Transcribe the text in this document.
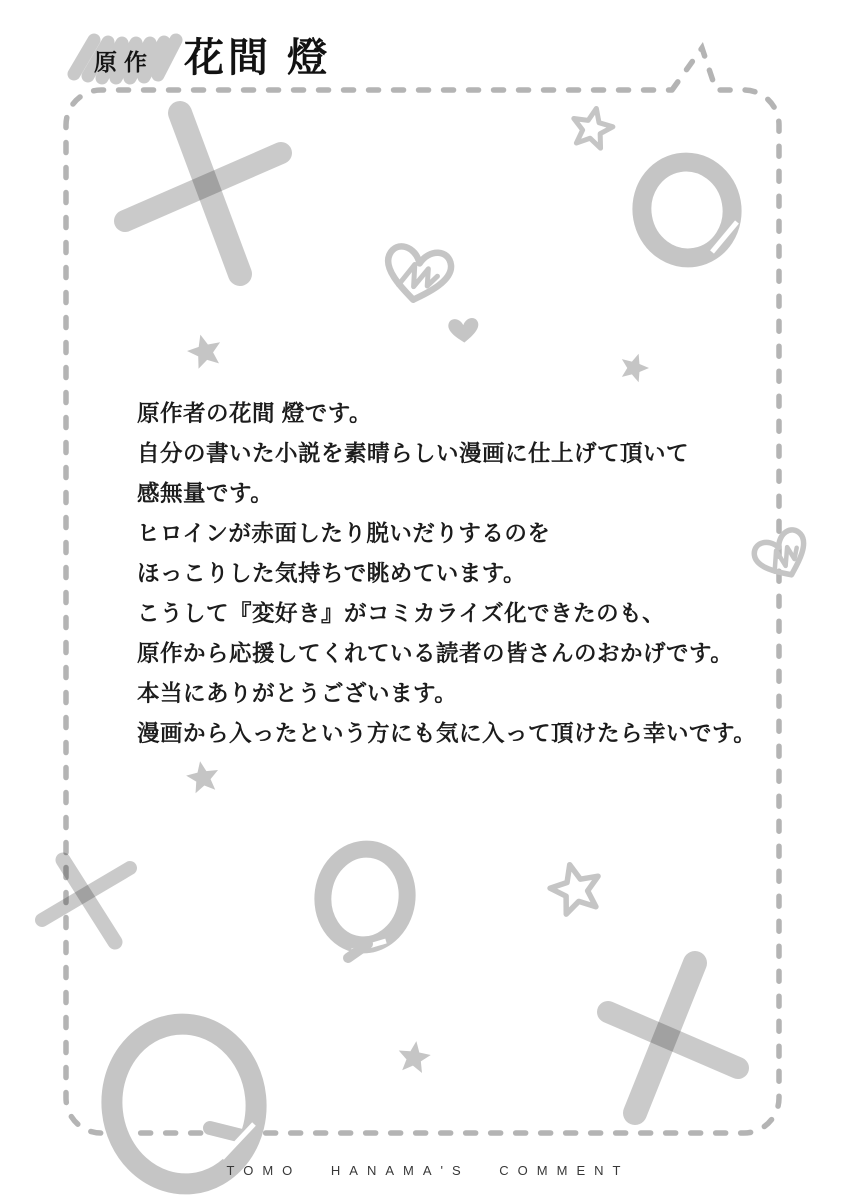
原作 花間 燈

原作者の花間 燈です。

自分の書いた小説を素晴らしい漫画に仕上げて頂いて

感無量です。

ヒロインが赤面したり脱いだりするのを

ほっこりした気持ちで眺めています。

こうして『変好き』がコミカライズ化できたのも、

原作から応援してくれている読者の皆さんのおかげです。

本当にありがとうございます。

漫画から入ったという方にも気に入って頂けたら幸いです。

TOMO HANAMA'S COMMENT
